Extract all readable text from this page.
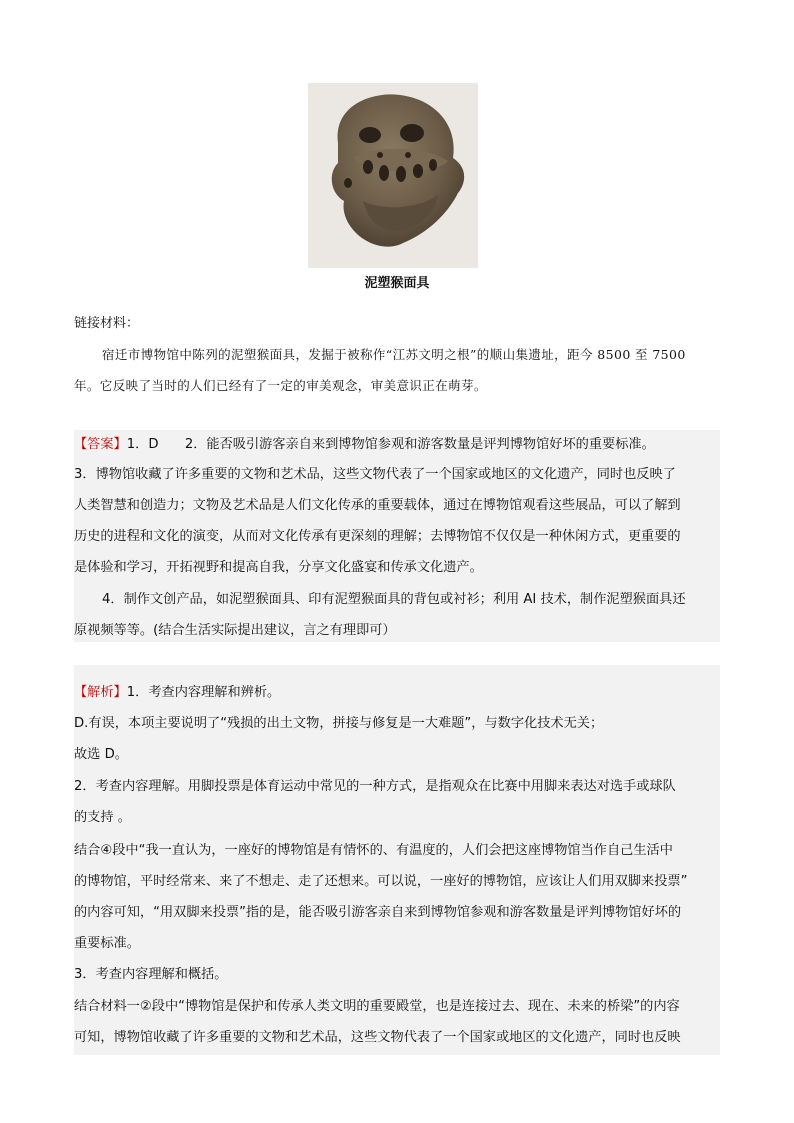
泥塑猴面具
链接材料：
宿迁市博物馆中陈列的泥塑猴面具，发掘于被称作“江苏文明之根”的顺山集遗址，距今 8500 至 7500
年。它反映了当时的人们已经有了一定的审美观念，审美意识正在萌芽。
【答案】1．D　　2．能否吸引游客亲自来到博物馆参观和游客数量是评判博物馆好坏的重要标准。
3．博物馆收藏了许多重要的文物和艺术品，这些文物代表了一个国家或地区的文化遗产，同时也反映了
人类智慧和创造力；文物及艺术品是人们文化传承的重要载体，通过在博物馆观看这些展品，可以了解到
历史的进程和文化的演变，从而对文化传承有更深刻的理解；去博物馆不仅仅是一种休闲方式，更重要的
是体验和学习，开拓视野和提高自我，分享文化盛宴和传承文化遗产。
4．制作文创产品，如泥塑猴面具、印有泥塑猴面具的背包或衬衫；利用 AI 技术，制作泥塑猴面具还
原视频等等。(结合生活实际提出建议，言之有理即可）
【解析】1．考查内容理解和辨析。
D.有误，本项主要说明了“残损的出土文物，拼接与修复是一大难题”，与数字化技术无关；
故选 D。
2．考查内容理解。用脚投票是体育运动中常见的一种方式，是指观众在比赛中用脚来表达对选手或球队
的支持 。
结合④段中“我一直认为，一座好的博物馆是有情怀的、有温度的，人们会把这座博物馆当作自己生活中
的博物馆，平时经常来、来了不想走、走了还想来。可以说，一座好的博物馆，应该让人们用双脚来投票”
的内容可知，“用双脚来投票”指的是，能否吸引游客亲自来到博物馆参观和游客数量是评判博物馆好坏的
重要标准。
3．考查内容理解和概括。
结合材料一②段中“博物馆是保护和传承人类文明的重要殿堂，也是连接过去、现在、未来的桥梁”的内容
可知，博物馆收藏了许多重要的文物和艺术品，这些文物代表了一个国家或地区的文化遗产，同时也反映
